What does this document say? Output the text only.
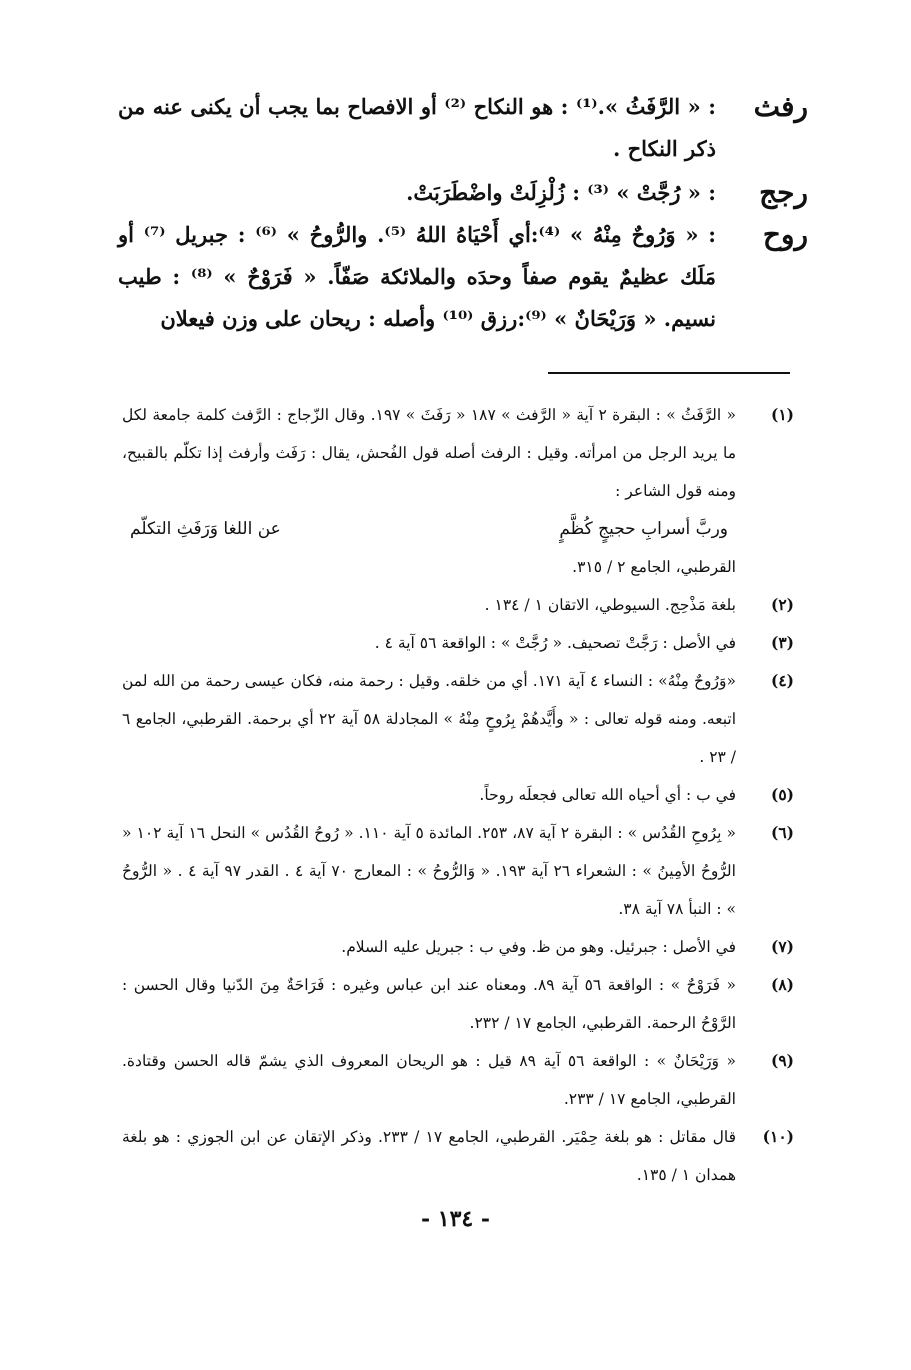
رفث
: « الرَّفَثُ ».⁽¹⁾ : هو النكاح ⁽²⁾ أو الافصاح بما يجب أن يكنى عنه من ذكر النكاح .
رجج
: « رُجَّتْ » ⁽³⁾ : زُلْزِلَتْ واضْطَرَبَتْ.
روح
: « وَرُوحٌ مِنْهُ » ⁽⁴⁾:أي أَحْيَاهُ اللهُ ⁽⁵⁾. والرُّوحُ » ⁽⁶⁾ : جبريل ⁽⁷⁾ أو مَلَك عظيمٌ يقوم صفاً وحدَه والملائكة صَفّاً. « فَرَوْحٌ » ⁽⁸⁾ : طيب نسيم. « وَرَيْحَانٌ » ⁽⁹⁾:رزق ⁽¹⁰⁾ وأصله : ريحان على وزن فيعلان
(١)
« الرَّفَثُ » : البقرة ٢ آية « الرَّفث » ١٨٧ « رَفَثَ » ١٩٧. وقال الزّجاج : الرَّفث كلمة جامعة لكل ما يريد الرجل من امرأته. وقيل : الرفث أصله قول الفُحش، يقال : رَفَث وأرفث إذا تكلّم بالقبيح، ومنه قول الشاعر :
وربَّ أسرابِ حجيجٍ كُظَّمٍ
عن اللغا وَرَفَثِ التكلّم
القرطبي، الجامع ٢ / ٣١٥.
(٢)
بلغة مَذْحِج. السيوطي، الاتقان ١ / ١٣٤ .
(٣)
في الأصل : رَجَّتْ تصحيف. « رُجَّتْ » : الواقعة ٥٦ آية ٤ .
(٤)
«وَرُوحٌ مِنْهُ» : النساء ٤ آية ١٧١. أي من خلقه. وقيل : رحمة منه، فكان عيسى رحمة من الله لمن اتبعه. ومنه قوله تعالى : « وأَيَّدهُمْ بِرُوحٍ مِنْهُ » المجادلة ٥٨ آية ٢٢ أي برحمة. القرطبي، الجامع ٦ / ٢٣ .
(٥)
في ب : أي أحياه الله تعالى فجعلَه روحاً.
(٦)
« بِرُوحِ القُدُس » : البقرة ٢ آية ٨٧، ٢٥٣. المائدة ٥ آية ١١٠. « رُوحُ القُدُس » النحل ١٦ آية ١٠٢ « الرُّوحُ الأمِينُ » : الشعراء ٢٦ آية ١٩٣. « وَالرُّوحُ » : المعارج ٧٠ آية ٤ . القدر ٩٧ آية ٤ . « الرُّوحُ » : النبأ ٧٨ آية ٣٨.
(٧)
في الأصل : جبرئيل. وهو من ظ. وفي ب : جبريل عليه السلام.
(٨)
« فَرَوْحٌ » : الواقعة ٥٦ آية ٨٩. ومعناه عند ابن عباس وغيره : فَرَاحَةٌ مِنَ الدّنيا وقال الحسن : الرَّوْحُ الرحمة. القرطبي، الجامع ١٧ / ٢٣٢.
(٩)
« وَرَيْحَانٌ » : الواقعة ٥٦ آية ٨٩ قيل : هو الريحان المعروف الذي يشمّ قاله الحسن وقتادة. القرطبي، الجامع ١٧ / ٢٣٣.
(١٠)
قال مقاتل : هو بلغة حِمْيَر. القرطبي، الجامع ١٧ / ٢٣٣. وذكر الإتقان عن ابن الجوزي : هو بلغة همدان ١ / ١٣٥.
- ١٣٤ -
